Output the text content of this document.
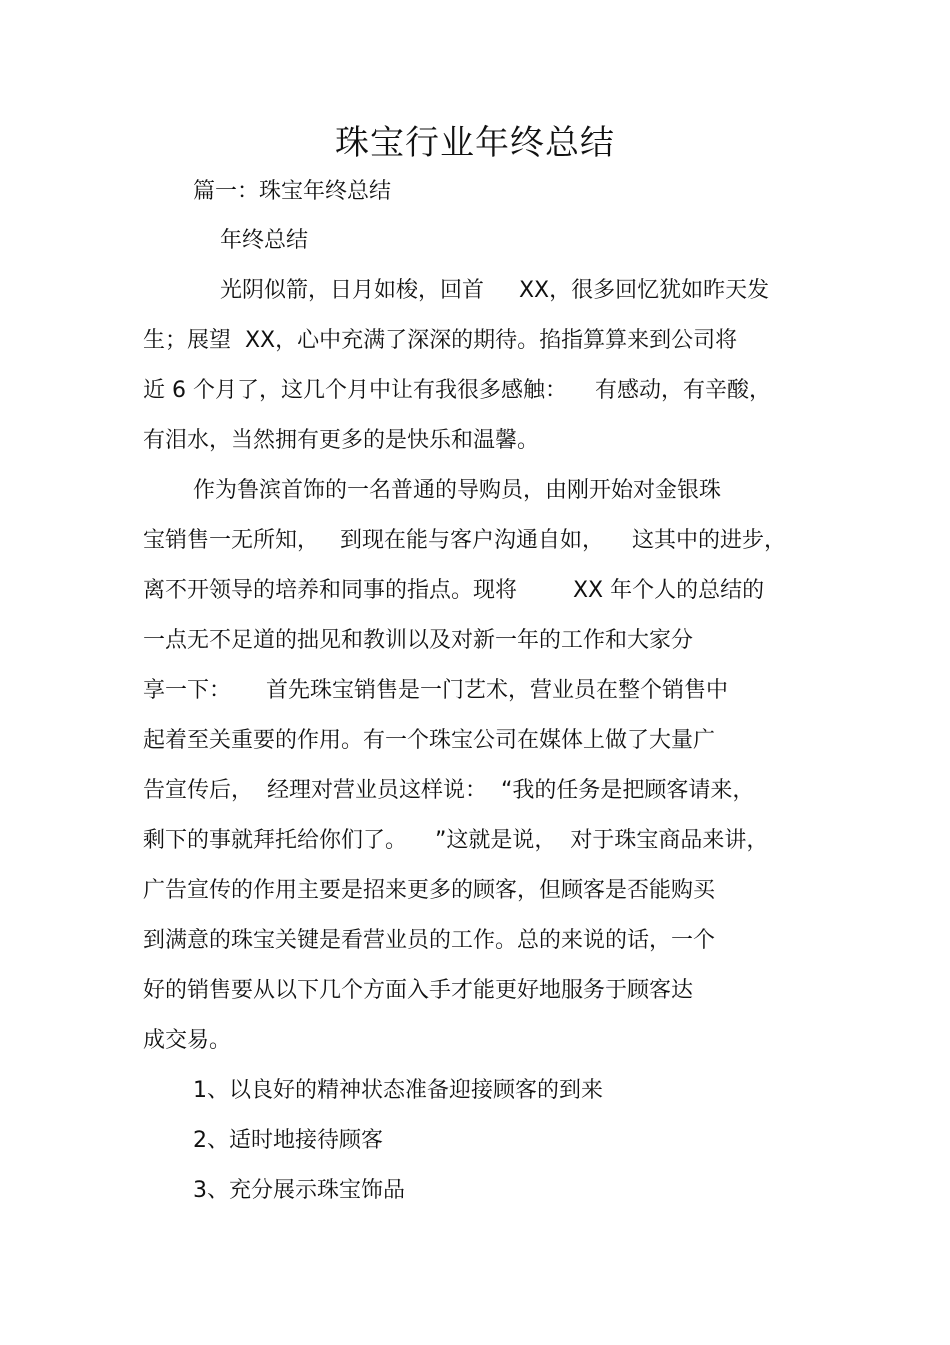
珠宝行业年终总结

篇一：珠宝年终总结

年终总结

光阴似箭，日月如梭，回首     XX，很多回忆犹如昨天发

生；展望  XX，心中充满了深深的期待。掐指算算来到公司将

近 6 个月了，这几个月中让有我很多感触：    有感动，有辛酸，

有泪水，当然拥有更多的是快乐和温馨。

作为鲁滨首饰的一名普通的导购员，由刚开始对金银珠

宝销售一无所知，   到现在能与客户沟通自如，    这其中的进步，

离不开领导的培养和同事的指点。现将        XX 年个人的总结的

一点无不足道的拙见和教训以及对新一年的工作和大家分

享一下：     首先珠宝销售是一门艺术，营业员在整个销售中

起着至关重要的作用。有一个珠宝公司在媒体上做了大量广

告宣传后，  经理对营业员这样说：  “我的任务是把顾客请来，

剩下的事就拜托给你们了。    ”这就是说，  对于珠宝商品来讲，

广告宣传的作用主要是招来更多的顾客，但顾客是否能购买

到满意的珠宝关键是看营业员的工作。总的来说的话，一个

好的销售要从以下几个方面入手才能更好地服务于顾客达

成交易。

1、以良好的精神状态准备迎接顾客的到来

2、适时地接待顾客

3、充分展示珠宝饰品
